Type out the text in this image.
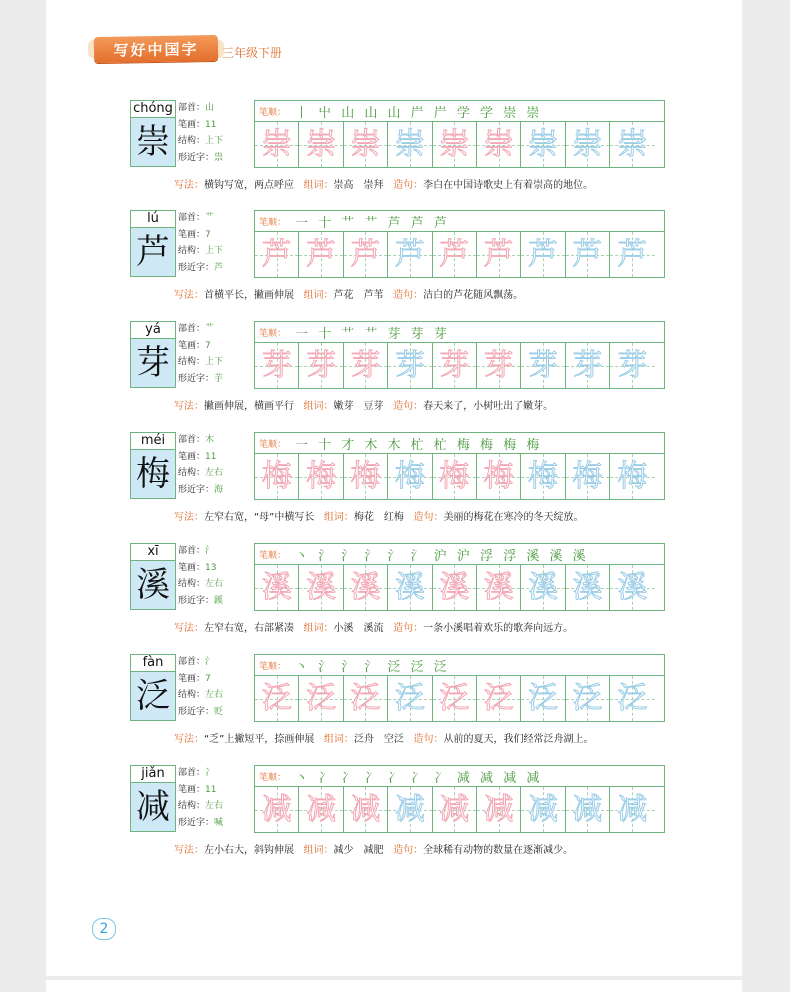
写好中国字	三年级下册
chóng
崇
部首：山
笔画：11
结构：上下
形近字：祟
笔顺： 丨 屮 山 山 山 屵 屵 学 学 崇 崇
崇 崇 崇 崇 崇 崇 崇 崇 崇
写法：横钩写宽，两点呼应 组词：崇高　崇拜 造句：李白在中国诗歌史上有着崇高的地位。
lú
芦
部首：艹
笔画：7
结构：上下
形近字：芦
笔顺： 一 十 艹 艹 芦 芦 芦
芦 芦 芦 芦 芦 芦 芦 芦 芦
写法：首横平长，撇画伸展 组词：芦花　芦苇 造句：洁白的芦花随风飘荡。
yá
芽
部首：艹
笔画：7
结构：上下
形近字：芋
笔顺： 一 十 艹 艹 芽 芽 芽
芽 芽 芽 芽 芽 芽 芽 芽 芽
写法：撇画伸展，横画平行 组词：嫩芽　豆芽 造句：春天来了，小树吐出了嫩芽。
méi
梅
部首：木
笔画：11
结构：左右
形近字：海
笔顺： 一 十 才 木 木 杧 杧 梅 梅 梅 梅
梅 梅 梅 梅 梅 梅 梅 梅 梅
写法：左窄右宽，“母”中横写长 组词：梅花　红梅 造句：美丽的梅花在寒冷的冬天绽放。
xī
溪
部首：氵
笔画：13
结构：左右
形近字：蹊
笔顺： 丶 氵 氵 氵 氵 氵 沪 沪 浮 浮 溪 溪 溪
溪 溪 溪 溪 溪 溪 溪 溪 溪
写法：左窄右宽，右部紧凑 组词：小溪　溪流 造句：一条小溪唱着欢乐的歌奔向远方。
fàn
泛
部首：氵
笔画：7
结构：左右
形近字：贬
笔顺： 丶 氵 氵 氵 泛 泛 泛
泛 泛 泛 泛 泛 泛 泛 泛 泛
写法：“乏”上撇短平，捺画伸展 组词：泛舟　空泛 造句：从前的夏天，我们经常泛舟湖上。
jiǎn
减
部首：冫
笔画：11
结构：左右
形近字：喊
笔顺： 丶 冫 冫 冫 冫 冫 冫 减 减 减 减
减 减 减 减 减 减 减 减 减
写法：左小右大，斜钩伸展 组词：减少　减肥 造句：全球稀有动物的数量在逐渐减少。
2
